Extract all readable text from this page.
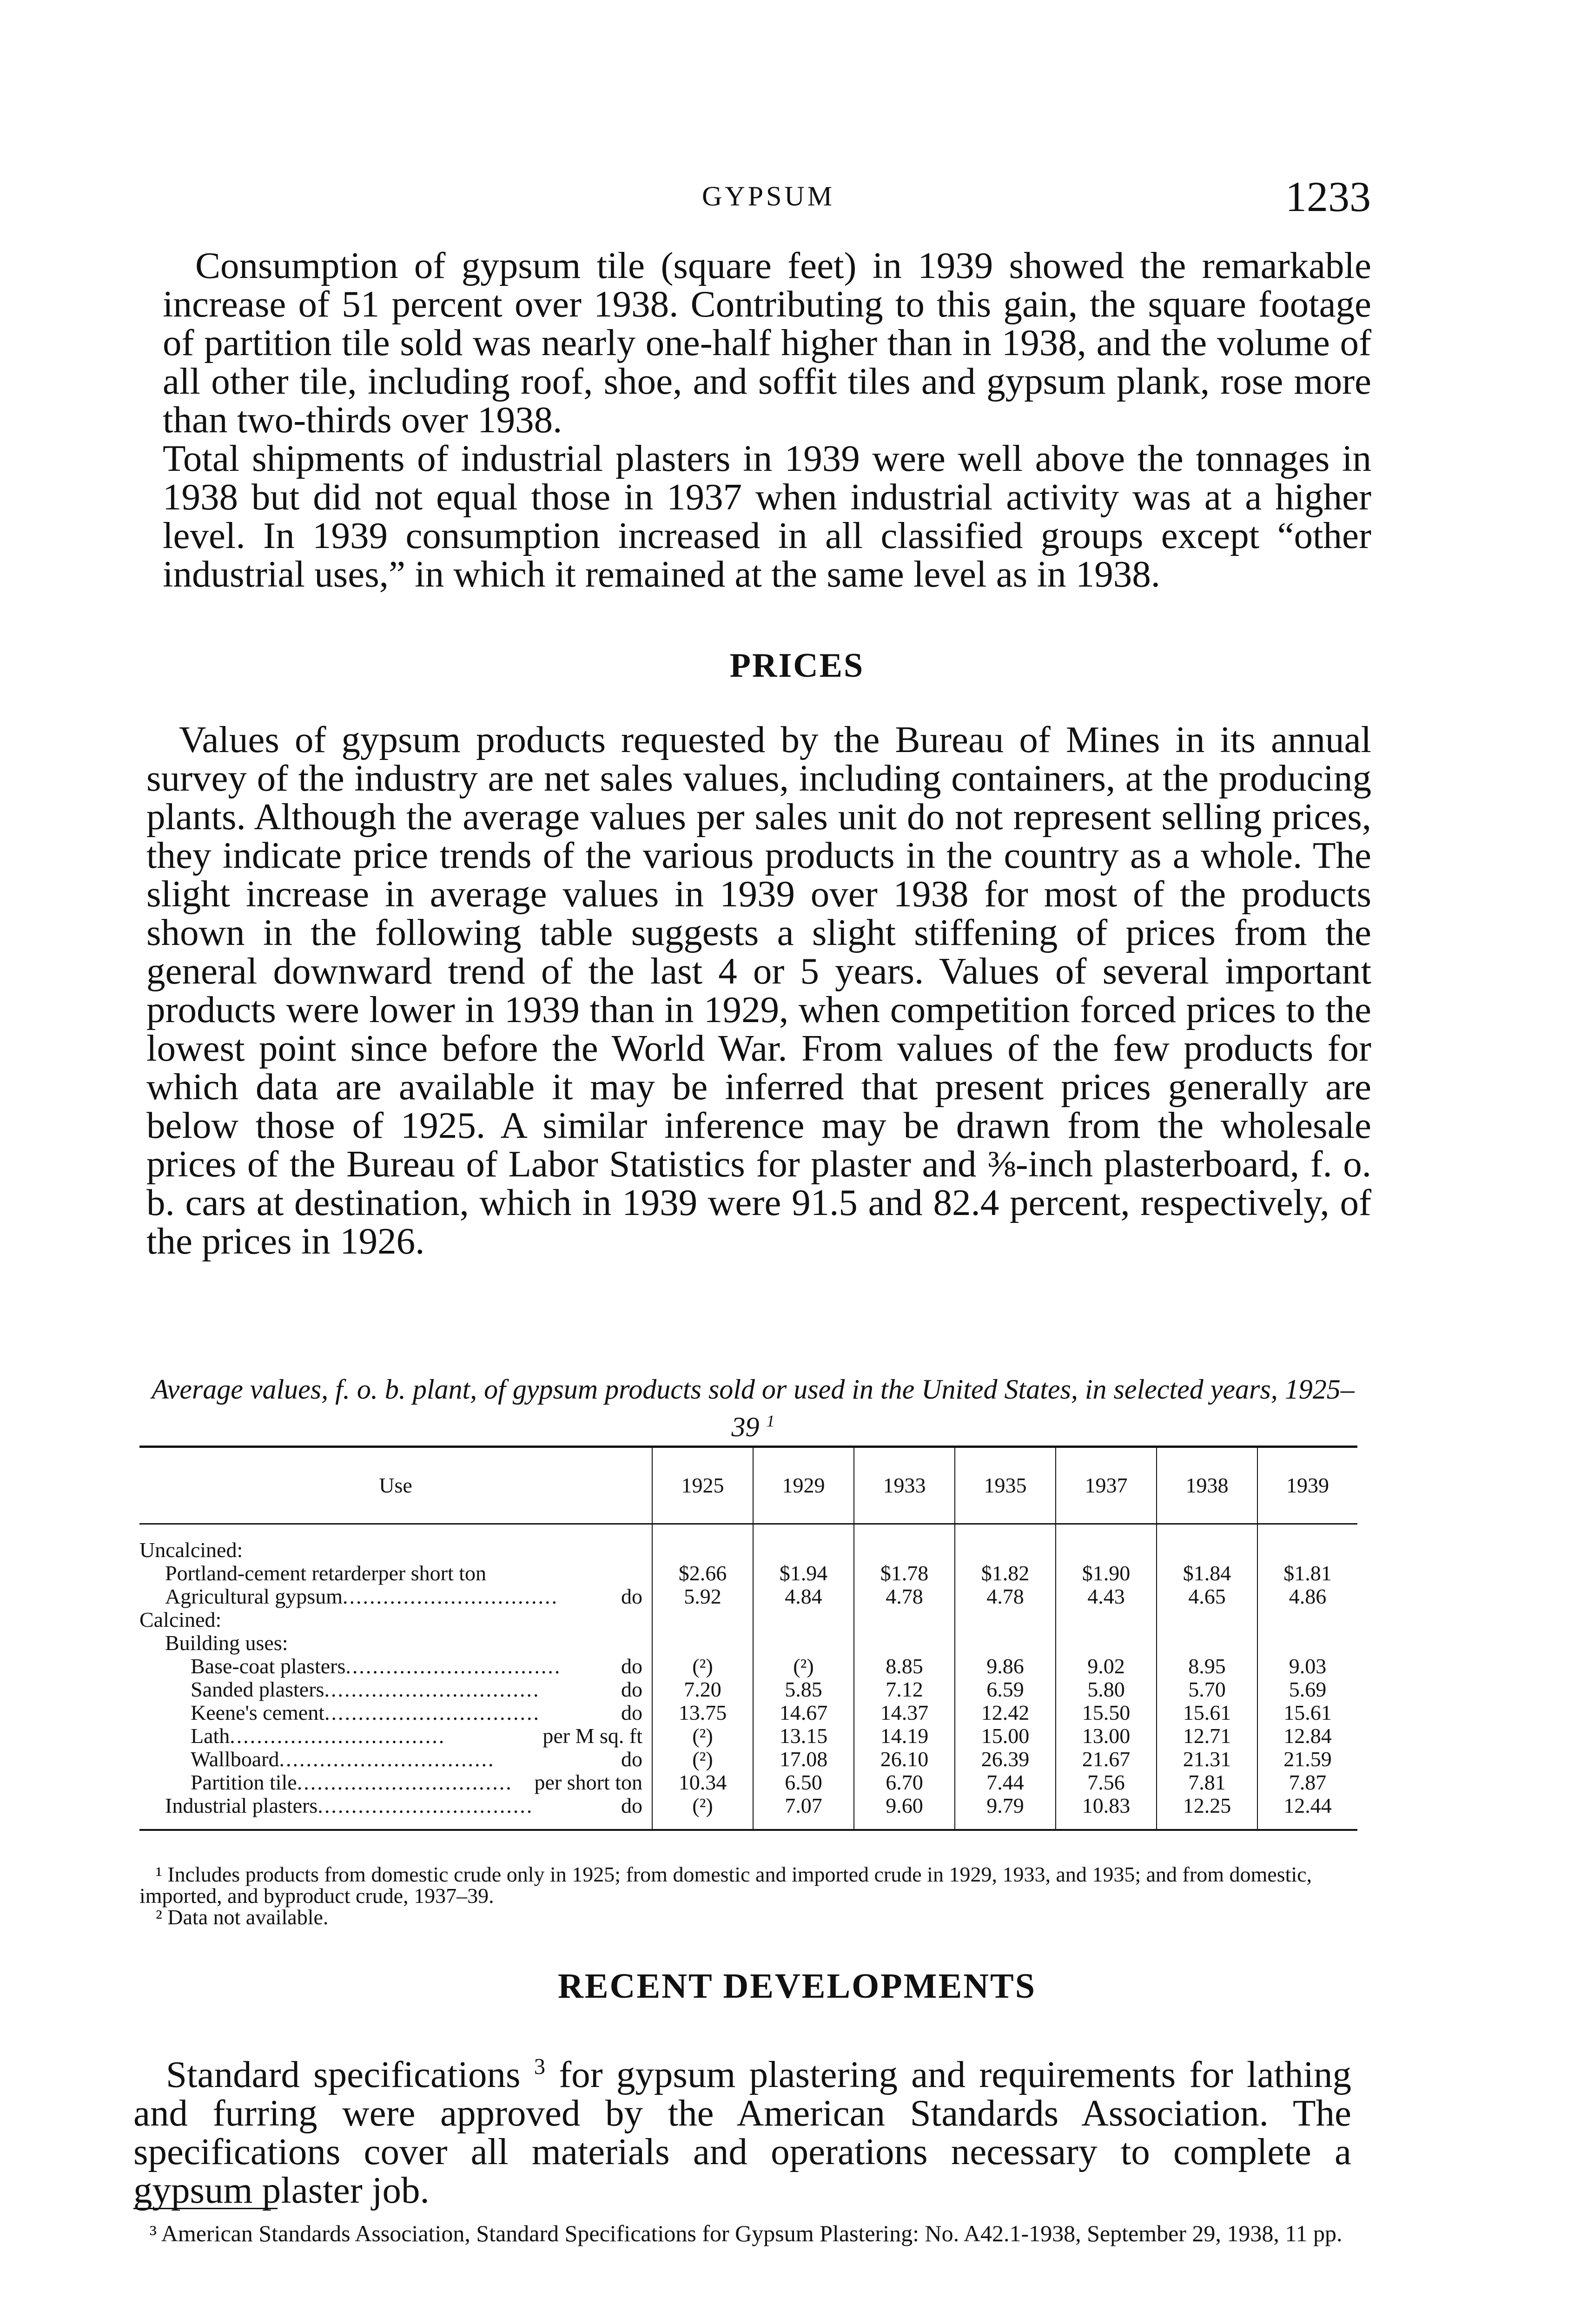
GYPSUM	1233

Consumption of gypsum tile (square feet) in 1939 showed the remarkable increase of 51 percent over 1938. Contributing to this gain, the square footage of partition tile sold was nearly one-half higher than in 1938, and the volume of all other tile, including roof, shoe, and soffit tiles and gypsum plank, rose more than two-thirds over 1938.

Total shipments of industrial plasters in 1939 were well above the tonnages in 1938 but did not equal those in 1937 when industrial activity was at a higher level. In 1939 consumption increased in all classified groups except “other industrial uses,” in which it remained at the same level as in 1938.

PRICES

Values of gypsum products requested by the Bureau of Mines in its annual survey of the industry are net sales values, including containers, at the producing plants. Although the average values per sales unit do not represent selling prices, they indicate price trends of the various products in the country as a whole. The slight increase in average values in 1939 over 1938 for most of the products shown in the following table suggests a slight stiffening of prices from the general downward trend of the last 4 or 5 years. Values of several important products were lower in 1939 than in 1929, when competition forced prices to the lowest point since before the World War. From values of the few products for which data are available it may be inferred that present prices generally are below those of 1925. A similar inference may be drawn from the wholesale prices of the Bureau of Labor Statistics for plaster and ⅜-inch plasterboard, f. o. b. cars at destination, which in 1939 were 91.5 and 82.4 percent, respectively, of the prices in 1926.

Average values, f. o. b. plant, of gypsum products sold or used in the United States, in selected years, 1925–39 $^1$

Use	1925	1929	1933	1935	1937	1938	1939

Uncalcined:							

Portland-cement retarder per short ton	$2.66	$1.94	$1.78	$1.82	$1.90	$1.84	$1.81

Agricultural gypsum ................................ do	5.92	4.84	4.78	4.78	4.43	4.65	4.86
Calcined:							
Building uses:							

Base-coat plasters ................................ do	(²)	(²)	8.85	9.86	9.02	8.95	9.03

Sanded plasters ................................ do	7.20	5.85	7.12	6.59	5.80	5.70	5.69

Keene's cement ................................ do	13.75	14.67	14.37	12.42	15.50	15.61	15.61

Lath ................................ per M sq. ft	(²)	13.15	14.19	15.00	13.00	12.71	12.84

Wallboard ................................ do	(²)	17.08	26.10	26.39	21.67	21.31	21.59

Partition tile ................................ per short ton	10.34	6.50	6.70	7.44	7.56	7.81	7.87

Industrial plasters ................................ do	(²)	7.07	9.60	9.79	10.83	12.25	12.44

¹ Includes products from domestic crude only in 1925; from domestic and imported crude in 1929, 1933, and 1935; and from domestic, imported, and byproduct crude, 1937–39.

² Data not available.

RECENT DEVELOPMENTS

Standard specifications $^3$ for gypsum plastering and requirements for lathing and furring were approved by the American Standards Association. The specifications cover all materials and operations necessary to complete a gypsum plaster job.

³ American Standards Association, Standard Specifications for Gypsum Plastering: No. A42.1-1938, September 29, 1938, 11 pp.
